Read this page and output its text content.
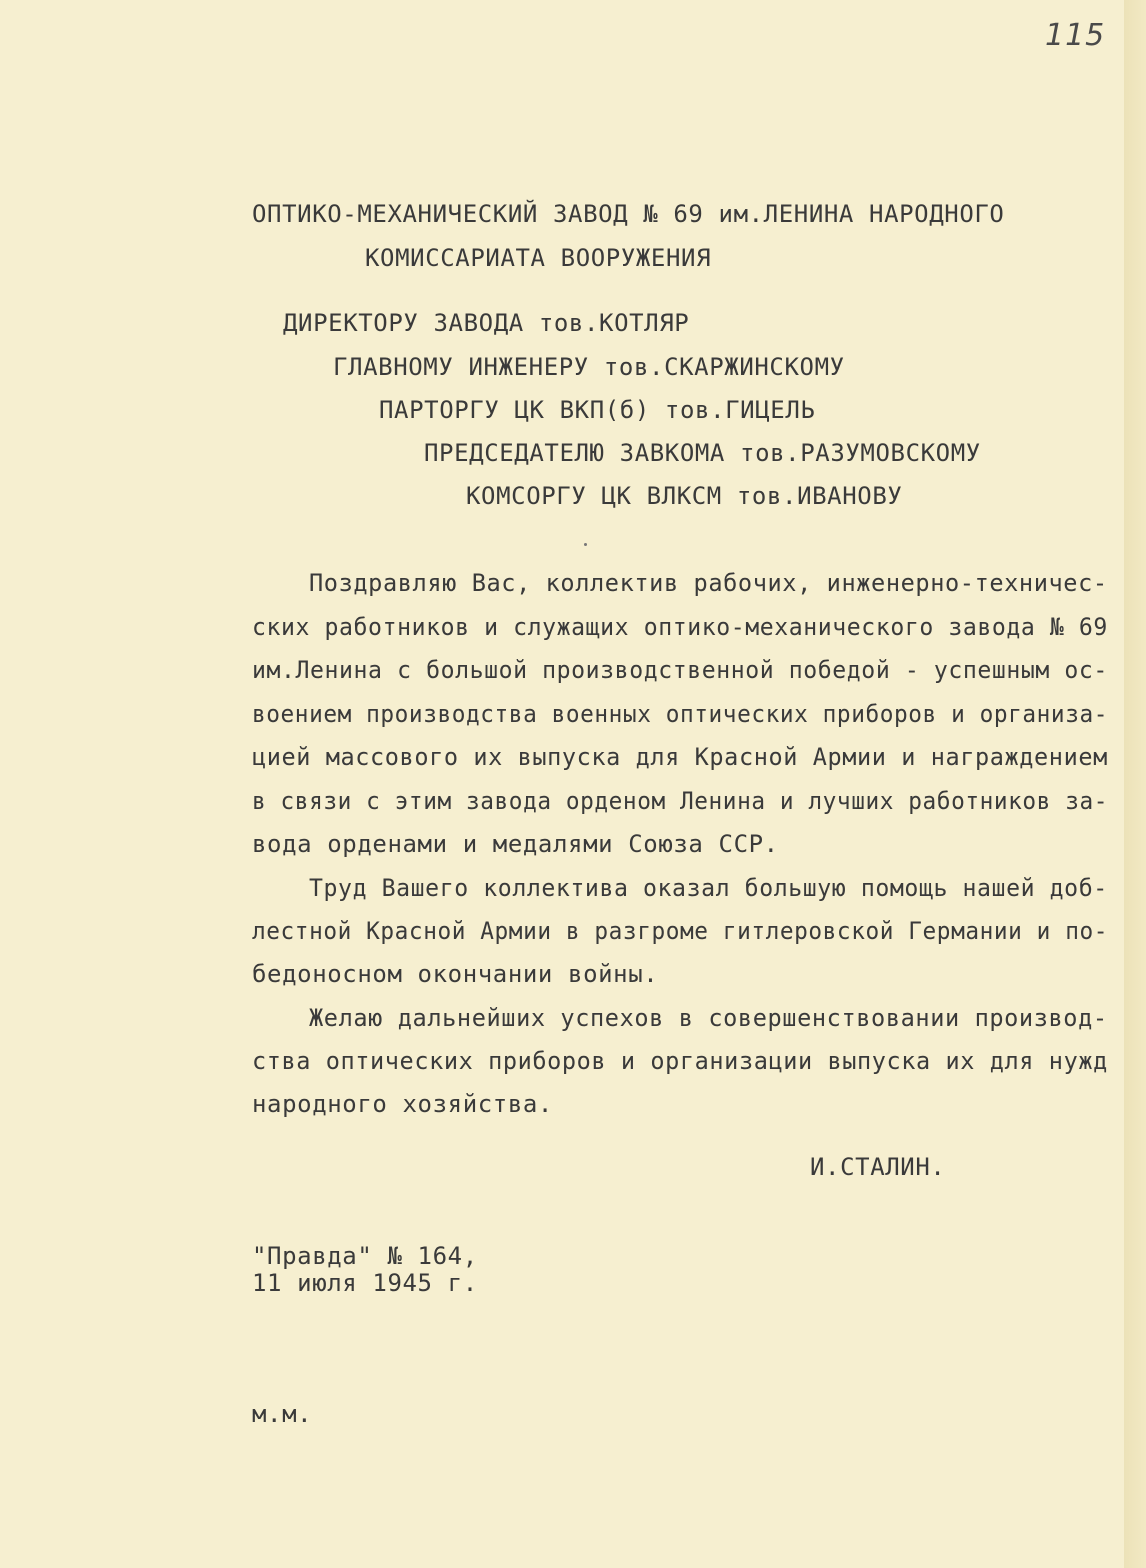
115
ОПТИКО-МЕХАНИЧЕСКИЙ ЗАВОД № 69 им.ЛЕНИНА НАРОДНОГО
КОМИССАРИАТА ВООРУЖЕНИЯ
ДИРЕКТОРУ ЗАВОДА тов.КОТЛЯР
ГЛАВНОМУ ИНЖЕНЕРУ тов.СКАРЖИНСКОМУ
ПАРТОРГУ ЦК ВКП(б) тов.ГИЦЕЛЬ
ПРЕДСЕДАТЕЛЮ ЗАВКОМА тов.РАЗУМОВСКОМУ
КОМСОРГУ ЦК ВЛКСМ тов.ИВАНОВУ
Поздравляю Вас, коллектив рабочих, инженерно-техничес-
ских работников и служащих оптико-механического завода № 69
им.Ленина с большой производственной победой - успешным ос-
воением производства военных оптических приборов и организа-
цией массового их выпуска для Красной Армии и награждением
в связи с этим завода орденом Ленина и лучших работников за-
вода орденами и медалями Союза ССР.
Труд Вашего коллектива оказал большую помощь нашей доб-
лестной Красной Армии в разгроме гитлеровской Германии и по-
бедоносном окончании войны.
Желаю дальнейших успехов в совершенствовании производ-
ства оптических приборов и организации выпуска их для нужд
народного хозяйства.
И.СТАЛИН.
"Правда" № 164,
11 июля 1945 г.
м.м.
